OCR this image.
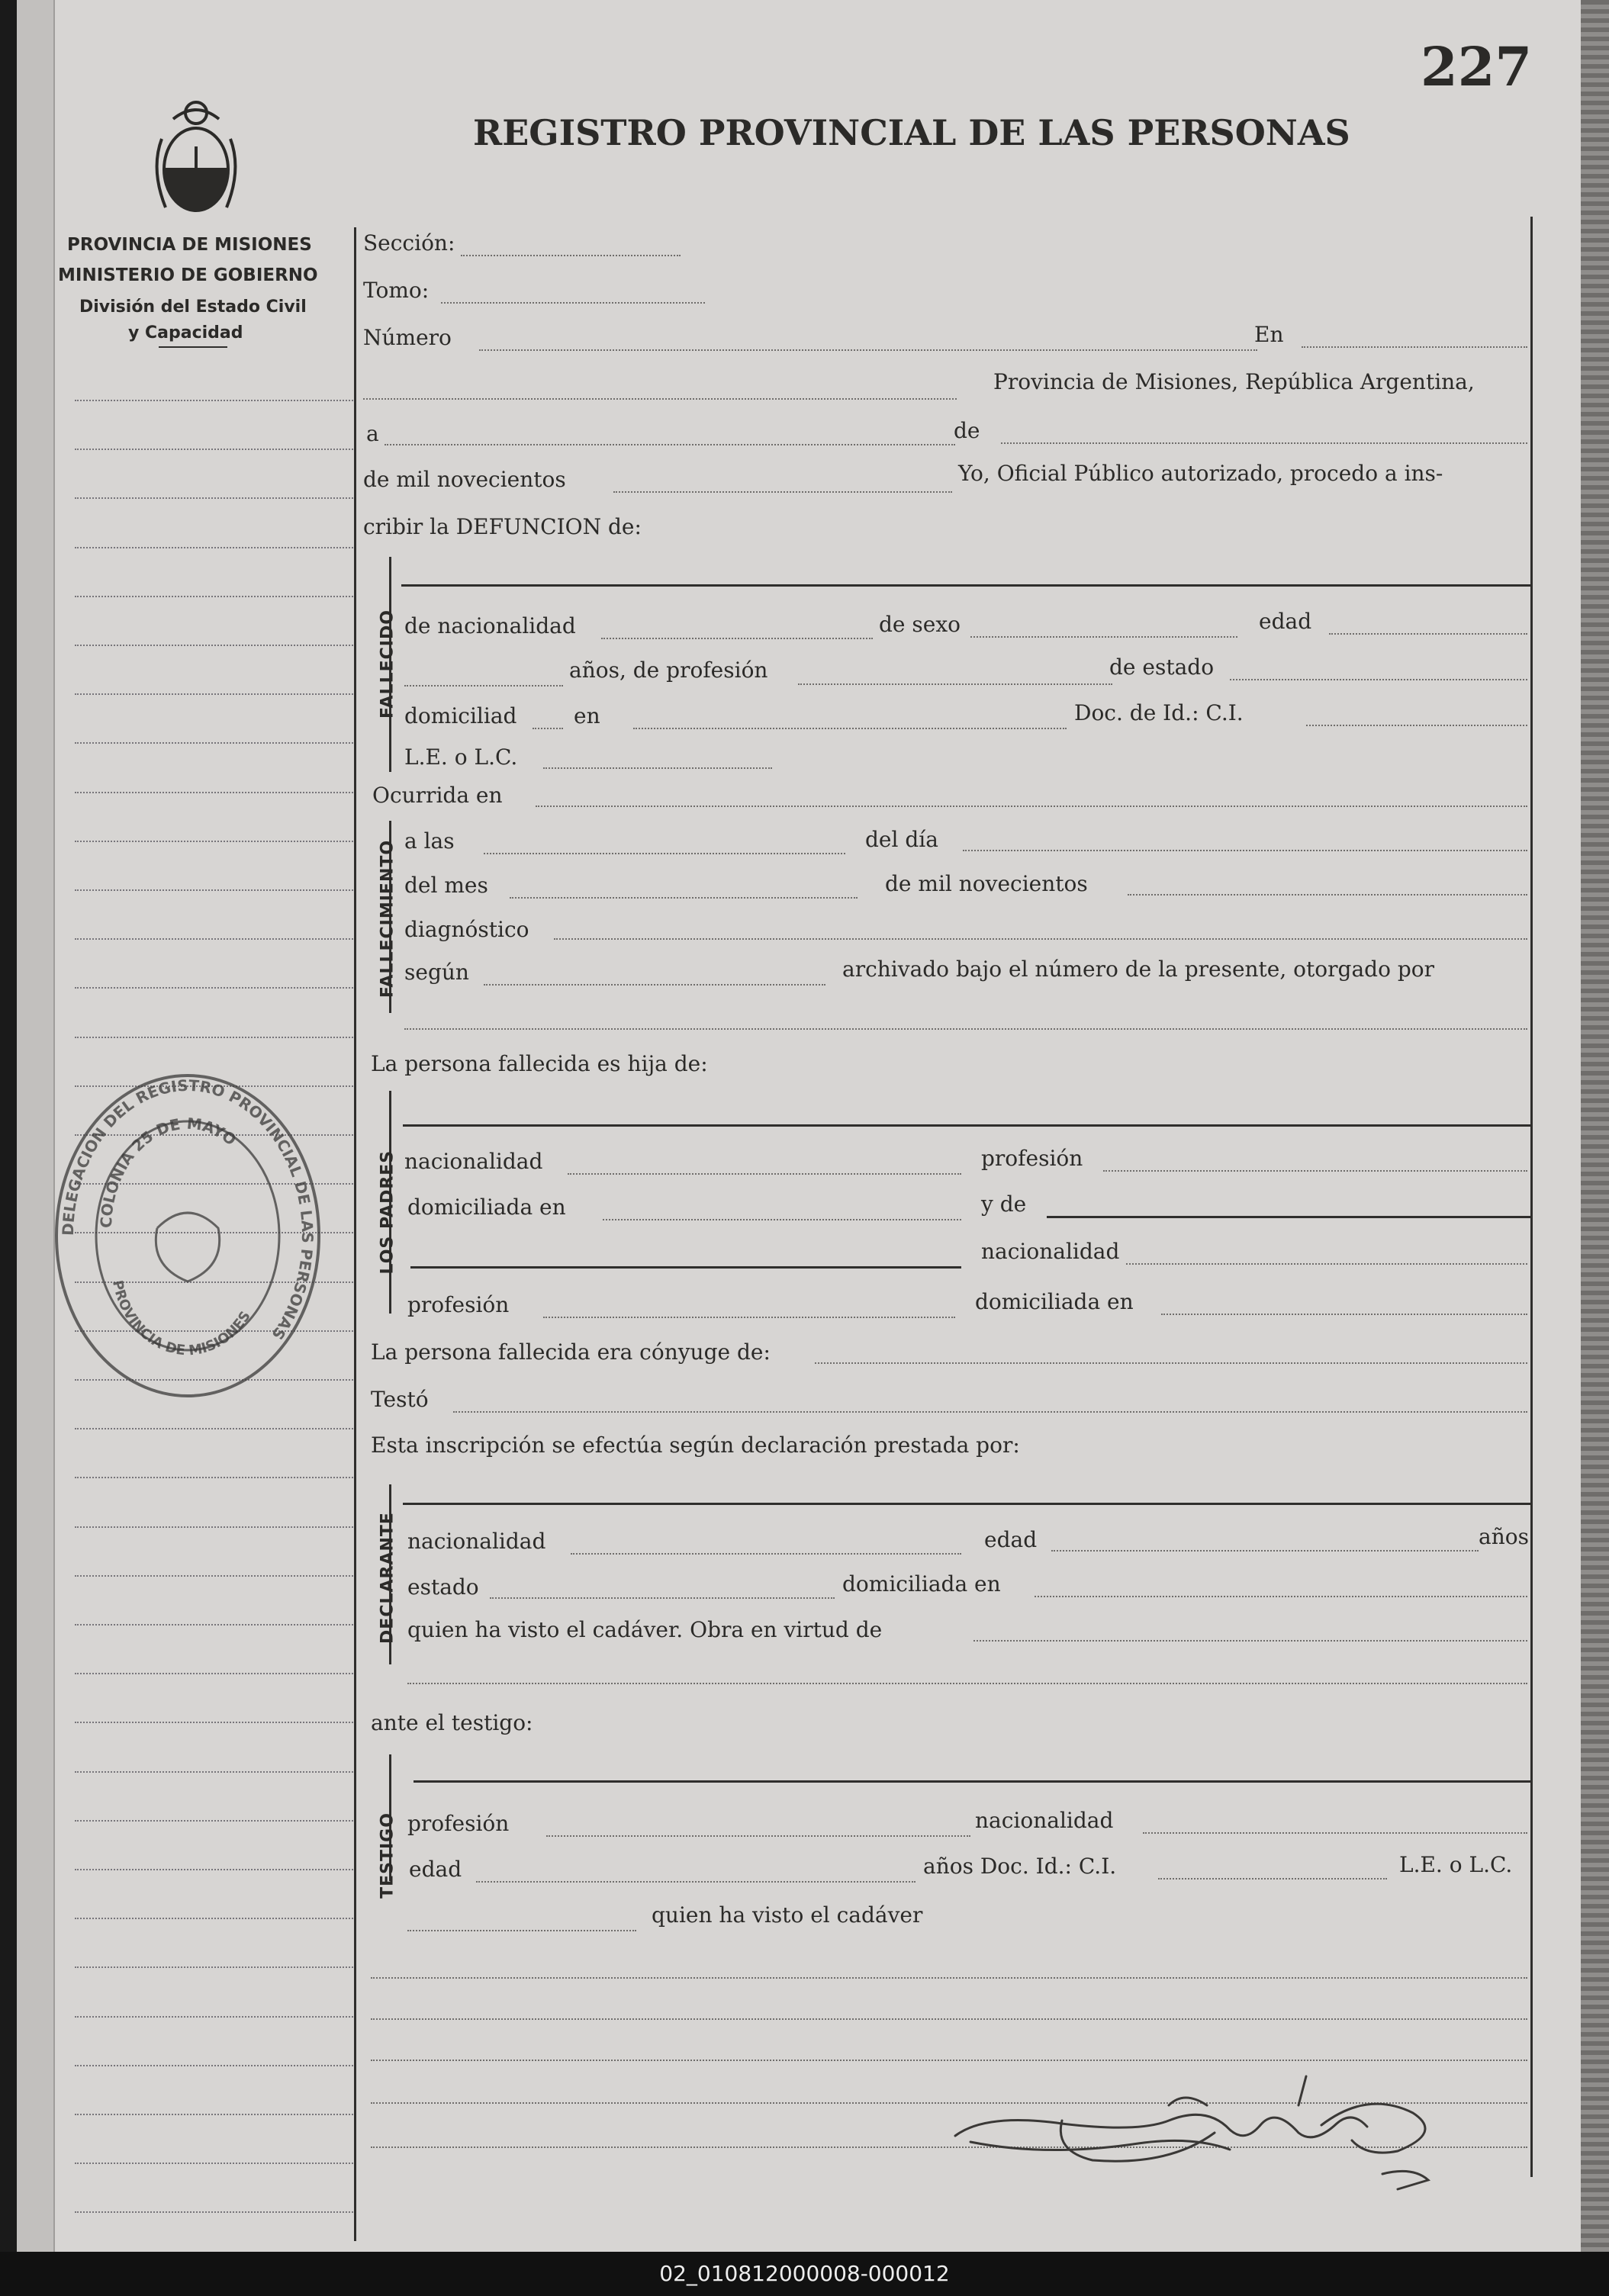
PROVINCIA DE MISIONES
MINISTERIO DE GOBIERNO
División del Estado Civil
y Capacidad
REGISTRO PROVINCIAL DE LAS PERSONAS
227
Sección:
Tomo:
Número	En
Provincia de Misiones, República Argentina,
a	de
de mil novecientos	Yo, Oficial Público autorizado, procedo a ins-
cribir la DEFUNCION de:
FALLECIDO de nacionalidad	de sexo	edad
años, de profesión	de estado
domiciliad	en	Doc. de Id.: C.I.
L.E. o L.C.
Ocurrida en
FALLECIMIENTO a las	del día
del mes	de mil novecientos
diagnóstico
según	archivado bajo el número de la presente, otorgado por
La persona fallecida es hija de:
LOS PADRES nacionalidad	profesión
domiciliada en	y de
nacionalidad
profesión	domiciliada en
La persona fallecida era cónyuge de:
Testó
Esta inscripción se efectúa según declaración prestada por:
DECLARANTE nacionalidad	edad	años
estado	domiciliada en
quien ha visto el cadáver. Obra en virtud de
ante el testigo:
TESTIGO profesión	nacionalidad
edad	años Doc. Id.: C.I.	L.E. o L.C.
quien ha visto el cadáver
DELEGACION DEL REGISTRO PROVINCIAL DE LAS PERSONAS
COLONIA 25 DE MAYO
PROVINCIA DE MISIONES
02_010812000008-000012
